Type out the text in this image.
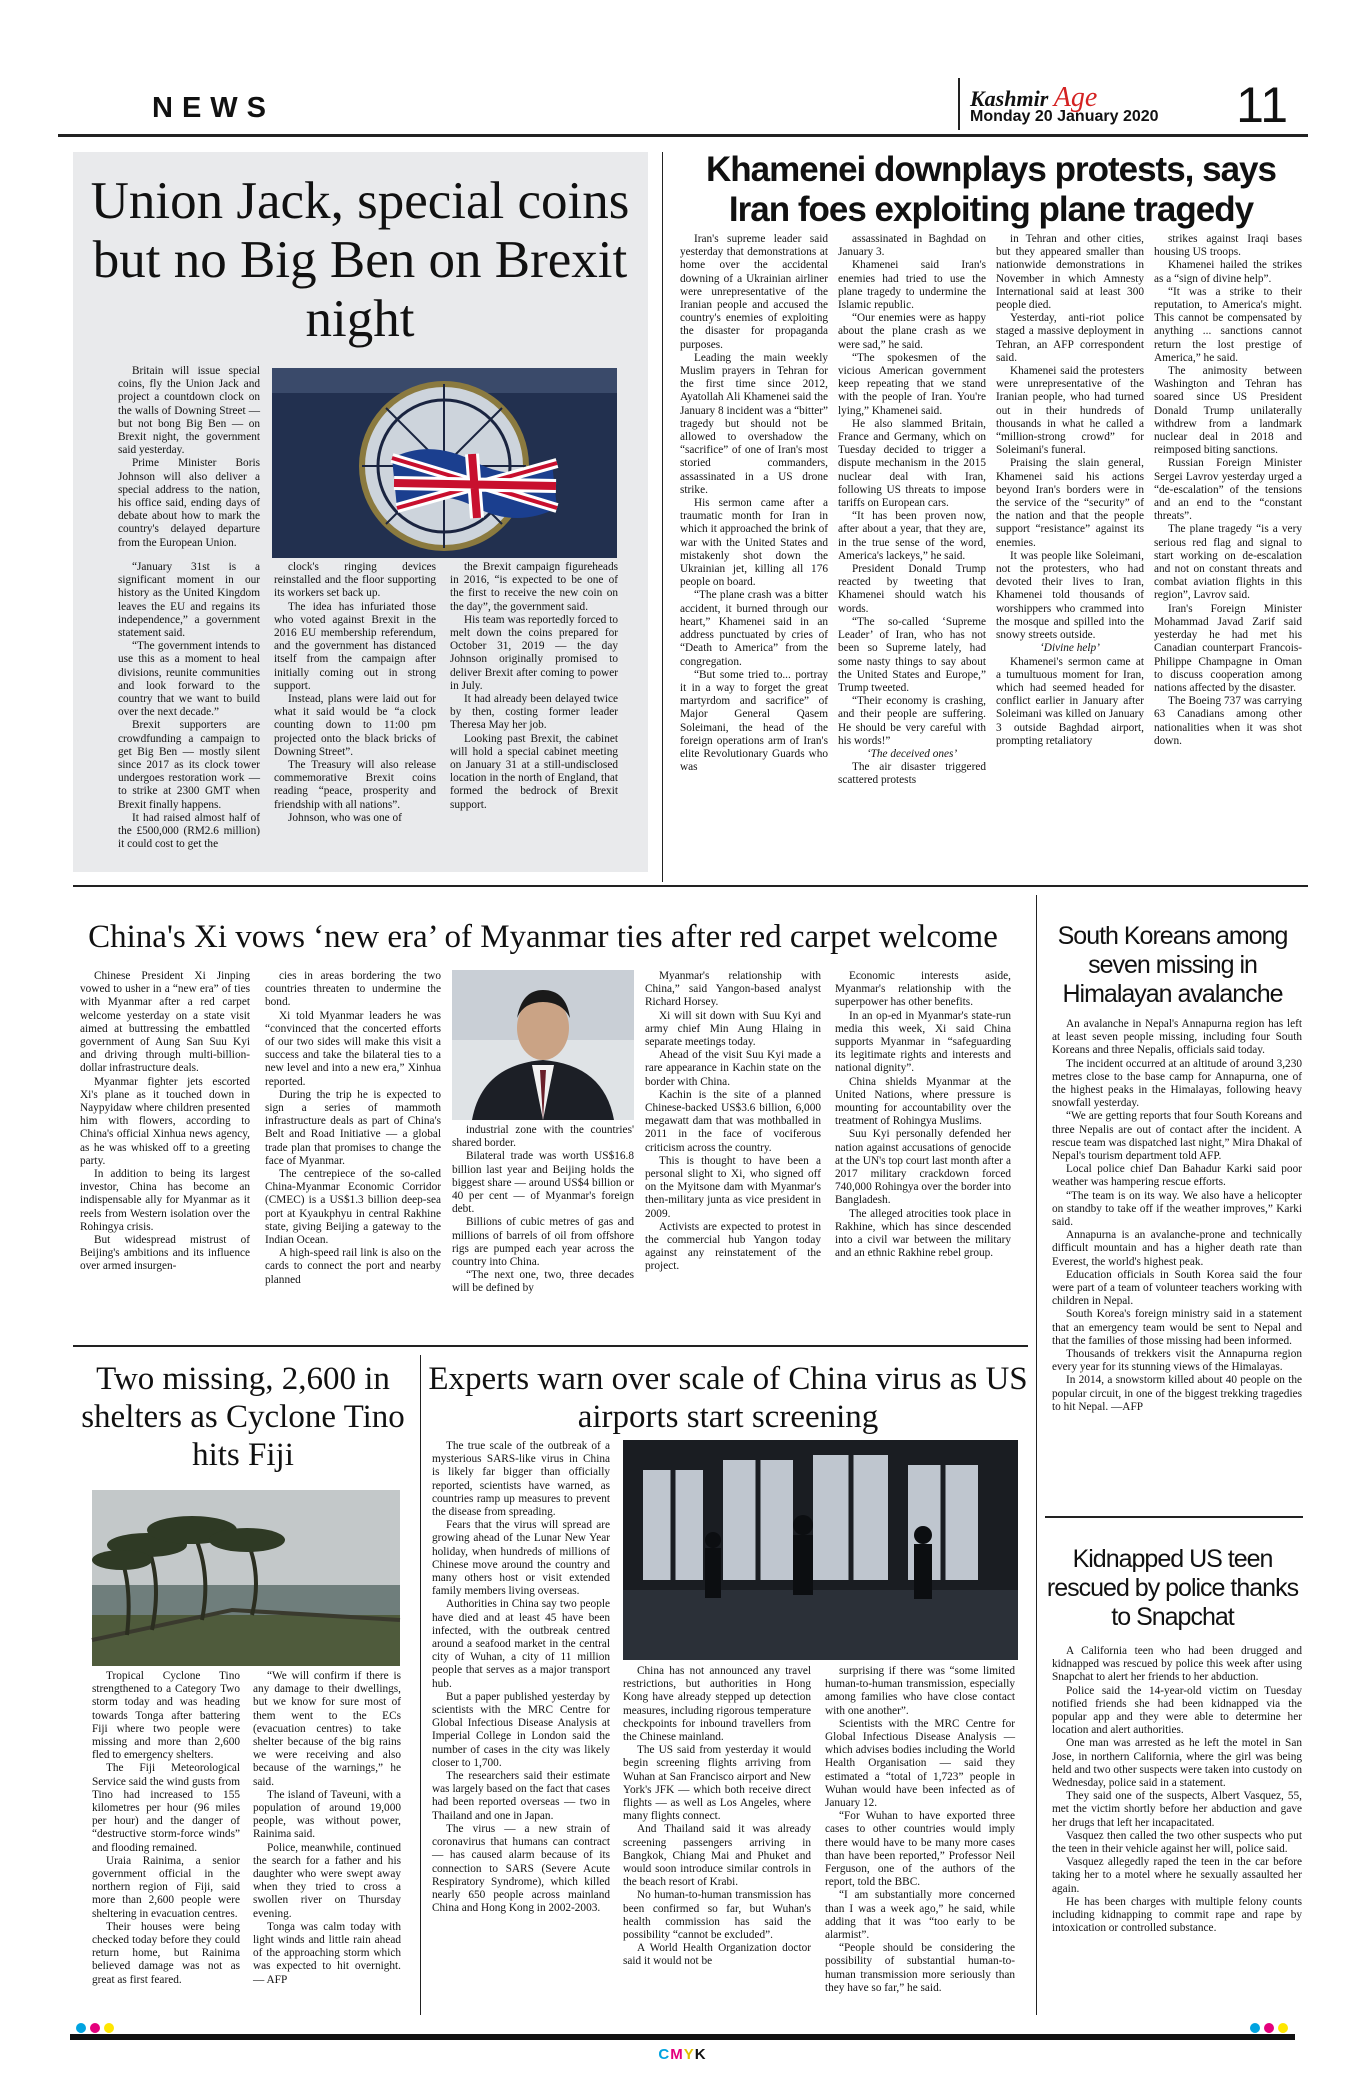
NEWS	Kashmir Age
Monday 20 January 2020 11
Union Jack, special coins but no Big Ben on Brexit night

Britain will issue special coins, fly the Union Jack and project a countdown clock on the walls of Downing Street — but not bong Big Ben — on Brexit night, the government said yesterday.

Prime Minister Boris Johnson will also deliver a special address to the nation, his office said, ending days of debate about how to mark the country's delayed departure from the European Union.

“January 31st is a significant moment in our history as the United Kingdom leaves the EU and regains its independence,” a government statement said.

“The government intends to use this as a moment to heal divisions, reunite communities and look forward to the country that we want to build over the next decade.”

Brexit supporters are crowdfunding a campaign to get Big Ben — mostly silent since 2017 as its clock tower undergoes restoration work — to strike at 2300 GMT when Brexit finally happens.

It had raised almost half of the £500,000 (RM2.6 million) it could cost to get the

clock's ringing devices reinstalled and the floor supporting its workers set back up.

The idea has infuriated those who voted against Brexit in the 2016 EU membership referendum, and the government has distanced itself from the campaign after initially coming out in strong support.

Instead, plans were laid out for what it said would be “a clock counting down to 11:00 pm projected onto the black bricks of Downing Street”.

The Treasury will also release commemorative Brexit coins reading “peace, prosperity and friendship with all nations”.

Johnson, who was one of

the Brexit campaign figureheads in 2016, “is expected to be one of the first to receive the new coin on the day”, the government said.

His team was reportedly forced to melt down the coins prepared for October 31, 2019 — the day Johnson originally promised to deliver Brexit after coming to power in July.

It had already been delayed twice by then, costing former leader Theresa May her job.

Looking past Brexit, the cabinet will hold a special cabinet meeting on January 31 at a still-undisclosed location in the north of England, that formed the bedrock of Brexit support.

Khamenei downplays protests, says Iran foes exploiting plane tragedy

Iran's supreme leader said yesterday that demonstrations at home over the accidental downing of a Ukrainian airliner were unrepresentative of the Iranian people and accused the country's enemies of exploiting the disaster for propaganda purposes.

Leading the main weekly Muslim prayers in Tehran for the first time since 2012, Ayatollah Ali Khamenei said the January 8 incident was a “bitter” tragedy but should not be allowed to overshadow the “sacrifice” of one of Iran's most storied commanders, assassinated in a US drone strike.

His sermon came after a traumatic month for Iran in which it approached the brink of war with the United States and mistakenly shot down the Ukrainian jet, killing all 176 people on board.

“The plane crash was a bitter accident, it burned through our heart,” Khamenei said in an address punctuated by cries of “Death to America” from the congregation.

“But some tried to... portray it in a way to forget the great martyrdom and sacrifice” of Major General Qasem Soleimani, the head of the foreign operations arm of Iran's elite Revolutionary Guards who was

assassinated in Baghdad on January 3.

Khamenei said Iran's enemies had tried to use the plane tragedy to undermine the Islamic republic.

“Our enemies were as happy about the plane crash as we were sad,” he said.

“The spokesmen of the vicious American government keep repeating that we stand with the people of Iran. You're lying,” Khamenei said.

He also slammed Britain, France and Germany, which on Tuesday decided to trigger a dispute mechanism in the 2015 nuclear deal with Iran, following US threats to impose tariffs on European cars.

“It has been proven now, after about a year, that they are, in the true sense of the word, America's lackeys,” he said.

President Donald Trump reacted by tweeting that Khamenei should watch his words.

“The so-called ‘Supreme Leader’ of Iran, who has not been so Supreme lately, had some nasty things to say about the United States and Europe,” Trump tweeted.

“Their economy is crashing, and their people are suffering. He should be very careful with his words!”

‘The deceived ones’

The air disaster triggered scattered protests

in Tehran and other cities, but they appeared smaller than nationwide demonstrations in November in which Amnesty International said at least 300 people died.

Yesterday, anti-riot police staged a massive deployment in Tehran, an AFP correspondent said.

Khamenei said the protesters were unrepresentative of the Iranian people, who had turned out in their hundreds of thousands in what he called a “million-strong crowd” for Soleimani's funeral.

Praising the slain general, Khamenei said his actions beyond Iran's borders were in the service of the “security” of the nation and that the people support “resistance” against its enemies.

It was people like Soleimani, not the protesters, who had devoted their lives to Iran, Khamenei told thousands of worshippers who crammed into the mosque and spilled into the snowy streets outside.

‘Divine help’

Khamenei's sermon came at a tumultuous moment for Iran, which had seemed headed for conflict earlier in January after Soleimani was killed on January 3 outside Baghdad airport, prompting retaliatory

strikes against Iraqi bases housing US troops.

Khamenei hailed the strikes as a “sign of divine help”.

“It was a strike to their reputation, to America's might. This cannot be compensated by anything ... sanctions cannot return the lost prestige of America,” he said.

The animosity between Washington and Tehran has soared since US President Donald Trump unilaterally withdrew from a landmark nuclear deal in 2018 and reimposed biting sanctions.

Russian Foreign Minister Sergei Lavrov yesterday urged a “de-escalation” of the tensions and an end to the “constant threats”.

The plane tragedy “is a very serious red flag and signal to start working on de-escalation and not on constant threats and combat aviation flights in this region”, Lavrov said.

Iran's Foreign Minister Mohammad Javad Zarif said yesterday he had met his Canadian counterpart Francois-Philippe Champagne in Oman to discuss cooperation among nations affected by the disaster.

The Boeing 737 was carrying 63 Canadians among other nationalities when it was shot down.

China's Xi vows ‘new era’ of Myanmar ties after red carpet welcome

Chinese President Xi Jinping vowed to usher in a “new era” of ties with Myanmar after a red carpet welcome yesterday on a state visit aimed at buttressing the embattled government of Aung San Suu Kyi and driving through multi-billion-dollar infrastructure deals.

Myanmar fighter jets escorted Xi's plane as it touched down in Naypyidaw where children presented him with flowers, according to China's official Xinhua news agency, as he was whisked off to a greeting party.

In addition to being its largest investor, China has become an indispensable ally for Myanmar as it reels from Western isolation over the Rohingya crisis.

But widespread mistrust of Beijing's ambitions and its influence over armed insurgen-

cies in areas bordering the two countries threaten to undermine the bond.

Xi told Myanmar leaders he was “convinced that the concerted efforts of our two sides will make this visit a success and take the bilateral ties to a new level and into a new era,” Xinhua reported.

During the trip he is expected to sign a series of mammoth infrastructure deals as part of China's Belt and Road Initiative — a global trade plan that promises to change the face of Myanmar.

The centrepiece of the so-called China-Myanmar Economic Corridor (CMEC) is a US$1.3 billion deep-sea port at Kyaukphyu in central Rakhine state, giving Beijing a gateway to the Indian Ocean.

A high-speed rail link is also on the cards to connect the port and nearby planned

industrial zone with the countries' shared border.

Bilateral trade was worth US$16.8 billion last year and Beijing holds the biggest share — around US$4 billion or 40 per cent — of Myanmar's foreign debt.

Billions of cubic metres of gas and millions of barrels of oil from offshore rigs are pumped each year across the country into China.

“The next one, two, three decades will be defined by

Myanmar's relationship with China,” said Yangon-based analyst Richard Horsey.

Xi will sit down with Suu Kyi and army chief Min Aung Hlaing in separate meetings today.

Ahead of the visit Suu Kyi made a rare appearance in Kachin state on the border with China.

Kachin is the site of a planned Chinese-backed US$3.6 billion, 6,000 megawatt dam that was mothballed in 2011 in the face of vociferous criticism across the country.

This is thought to have been a personal slight to Xi, who signed off on the Myitsone dam with Myanmar's then-military junta as vice president in 2009.

Activists are expected to protest in the commercial hub Yangon today against any reinstatement of the project.

Economic interests aside, Myanmar's relationship with the superpower has other benefits.

In an op-ed in Myanmar's state-run media this week, Xi said China supports Myanmar in “safeguarding its legitimate rights and interests and national dignity”.

China shields Myanmar at the United Nations, where pressure is mounting for accountability over the treatment of Rohingya Muslims.

Suu Kyi personally defended her nation against accusations of genocide at the UN's top court last month after a 2017 military crackdown forced 740,000 Rohingya over the border into Bangladesh.

The alleged atrocities took place in Rakhine, which has since descended into a civil war between the military and an ethnic Rakhine rebel group.

South Koreans among seven missing in Himalayan avalanche

An avalanche in Nepal's Annapurna region has left at least seven people missing, including four South Koreans and three Nepalis, officials said today.

The incident occurred at an altitude of around 3,230 metres close to the base camp for Annapurna, one of the highest peaks in the Himalayas, following heavy snowfall yesterday.

“We are getting reports that four South Koreans and three Nepalis are out of contact after the incident. A rescue team was dispatched last night,” Mira Dhakal of Nepal's tourism department told AFP.

Local police chief Dan Bahadur Karki said poor weather was hampering rescue efforts.

“The team is on its way. We also have a helicopter on standby to take off if the weather improves,” Karki said.

Annapurna is an avalanche-prone and technically difficult mountain and has a higher death rate than Everest, the world's highest peak.

Education officials in South Korea said the four were part of a team of volunteer teachers working with children in Nepal.

South Korea's foreign ministry said in a statement that an emergency team would be sent to Nepal and that the families of those missing had been informed.

Thousands of trekkers visit the Annapurna region every year for its stunning views of the Himalayas.

In 2014, a snowstorm killed about 40 people on the popular circuit, in one of the biggest trekking tragedies to hit Nepal. —AFP

Two missing, 2,600 in shelters as Cyclone Tino hits Fiji

Tropical Cyclone Tino strengthened to a Category Two storm today and was heading towards Tonga after battering Fiji where two people were missing and more than 2,600 fled to emergency shelters.

The Fiji Meteorological Service said the wind gusts from Tino had increased to 155 kilometres per hour (96 miles per hour) and the danger of “destructive storm-force winds” and flooding remained.

Uraia Rainima, a senior government official in the northern region of Fiji, said more than 2,600 people were sheltering in evacuation centres.

Their houses were being checked today before they could return home, but Rainima believed damage was not as great as first feared.

“We will confirm if there is any damage to their dwellings, but we know for sure most of them went to the ECs (evacuation centres) to take shelter because of the big rains we were receiving and also because of the warnings,” he said.

The island of Taveuni, with a population of around 19,000 people, was without power, Rainima said.

Police, meanwhile, continued the search for a father and his daughter who were swept away when they tried to cross a swollen river on Thursday evening.

Tonga was calm today with light winds and little rain ahead of the approaching storm which was expected to hit overnight. — AFP

Experts warn over scale of China virus as US airports start screening

The true scale of the outbreak of a mysterious SARS-like virus in China is likely far bigger than officially reported, scientists have warned, as countries ramp up measures to prevent the disease from spreading.

Fears that the virus will spread are growing ahead of the Lunar New Year holiday, when hundreds of millions of Chinese move around the country and many others host or visit extended family members living overseas.

Authorities in China say two people have died and at least 45 have been infected, with the outbreak centred around a seafood market in the central city of Wuhan, a city of 11 million people that serves as a major transport hub.

But a paper published yesterday by scientists with the MRC Centre for Global Infectious Disease Analysis at Imperial College in London said the number of cases in the city was likely closer to 1,700.

The researchers said their estimate was largely based on the fact that cases had been reported overseas — two in Thailand and one in Japan.

The virus — a new strain of coronavirus that humans can contract — has caused alarm because of its connection to SARS (Severe Acute Respiratory Syndrome), which killed nearly 650 people across mainland China and Hong Kong in 2002-2003.

China has not announced any travel restrictions, but authorities in Hong Kong have already stepped up detection measures, including rigorous temperature checkpoints for inbound travellers from the Chinese mainland.

The US said from yesterday it would begin screening flights arriving from Wuhan at San Francisco airport and New York's JFK — which both receive direct flights — as well as Los Angeles, where many flights connect.

And Thailand said it was already screening passengers arriving in Bangkok, Chiang Mai and Phuket and would soon introduce similar controls in the beach resort of Krabi.

No human-to-human transmission has been confirmed so far, but Wuhan's health commission has said the possibility “cannot be excluded”.

A World Health Organization doctor said it would not be

surprising if there was “some limited human-to-human transmission, especially among families who have close contact with one another”.

Scientists with the MRC Centre for Global Infectious Disease Analysis — which advises bodies including the World Health Organisation — said they estimated a “total of 1,723” people in Wuhan would have been infected as of January 12.

“For Wuhan to have exported three cases to other countries would imply there would have to be many more cases than have been reported,” Professor Neil Ferguson, one of the authors of the report, told the BBC.

“I am substantially more concerned than I was a week ago,” he said, while adding that it was “too early to be alarmist”.

“People should be considering the possibility of substantial human-to-human transmission more seriously than they have so far,” he said.

Kidnapped US teen rescued by police thanks to Snapchat

A California teen who had been drugged and kidnapped was rescued by police this week after using Snapchat to alert her friends to her abduction.

Police said the 14-year-old victim on Tuesday notified friends she had been kidnapped via the popular app and they were able to determine her location and alert authorities.

One man was arrested as he left the motel in San Jose, in northern California, where the girl was being held and two other suspects were taken into custody on Wednesday, police said in a statement.

They said one of the suspects, Albert Vasquez, 55, met the victim shortly before her abduction and gave her drugs that left her incapacitated.

Vasquez then called the two other suspects who put the teen in their vehicle against her will, police said.

Vasquez allegedly raped the teen in the car before taking her to a motel where he sexually assaulted her again.

He has been charges with multiple felony counts including kidnapping to commit rape and rape by intoxication or controlled substance.

CMYK
